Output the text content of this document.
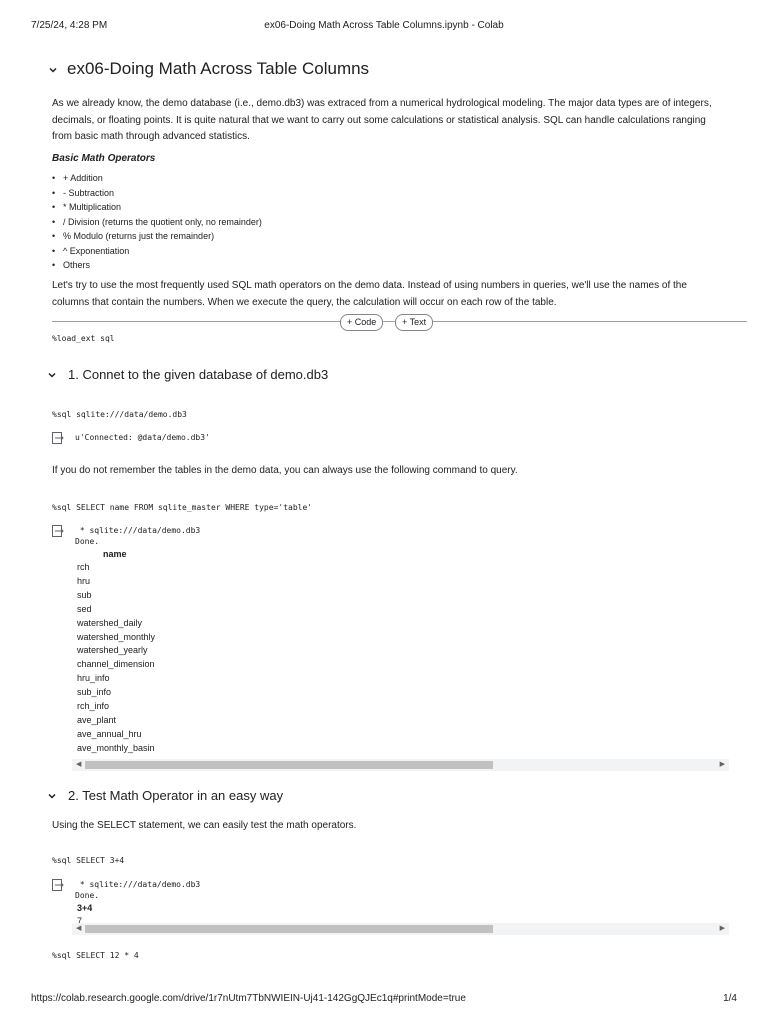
7/25/24, 4:28 PM	ex06-Doing Math Across Table Columns.ipynb - Colab
ex06-Doing Math Across Table Columns

As we already know, the demo database (i.e., demo.db3) was extraced from a numerical hydrological modeling. The major data types are of integers, decimals, or floating points. It is quite natural that we want to carry out some calculations or statistical analysis. SQL can handle calculations ranging from basic math through advanced statistics.

Basic Math Operators
• + Addition
• - Subtraction
• * Multiplication
• / Division (returns the quotient only, no remainder)
• % Modulo (returns just the remainder)
• ^ Exponentiation
• Others

Let's try to use the most frequently used SQL math operators on the demo data. Instead of using numbers in queries, we'll use the names of the columns that contain the numbers. When we execute the query, the calculation will occur on each row of the table.

+ Code	+ Text
%load_ext sql
1. Connet to the given database of demo.db3
%sql sqlite:///data/demo.db3
u'Connected: @data/demo.db3'

If you do not remember the tables in the demo data, you can always use the following command to query.

%sql SELECT name FROM sqlite_master WHERE type='table'
* sqlite:///data/demo.db3
Done.
name
rch
hru
sub
sed
watershed_daily
watershed_monthly
watershed_yearly
channel_dimension
hru_info
sub_info
rch_info
ave_plant
ave_annual_hru
ave_monthly_basin
◀	▶
2. Test Math Operator in an easy way

Using the SELECT statement, we can easily test the math operators.

%sql SELECT 3+4
* sqlite:///data/demo.db3
Done.
3+4
7
◀	▶
%sql SELECT 12 * 4
https://colab.research.google.com/drive/1r7nUtm7TbNWIEIN-Uj41-142GgQJEc1q#printMode=true	1/4
